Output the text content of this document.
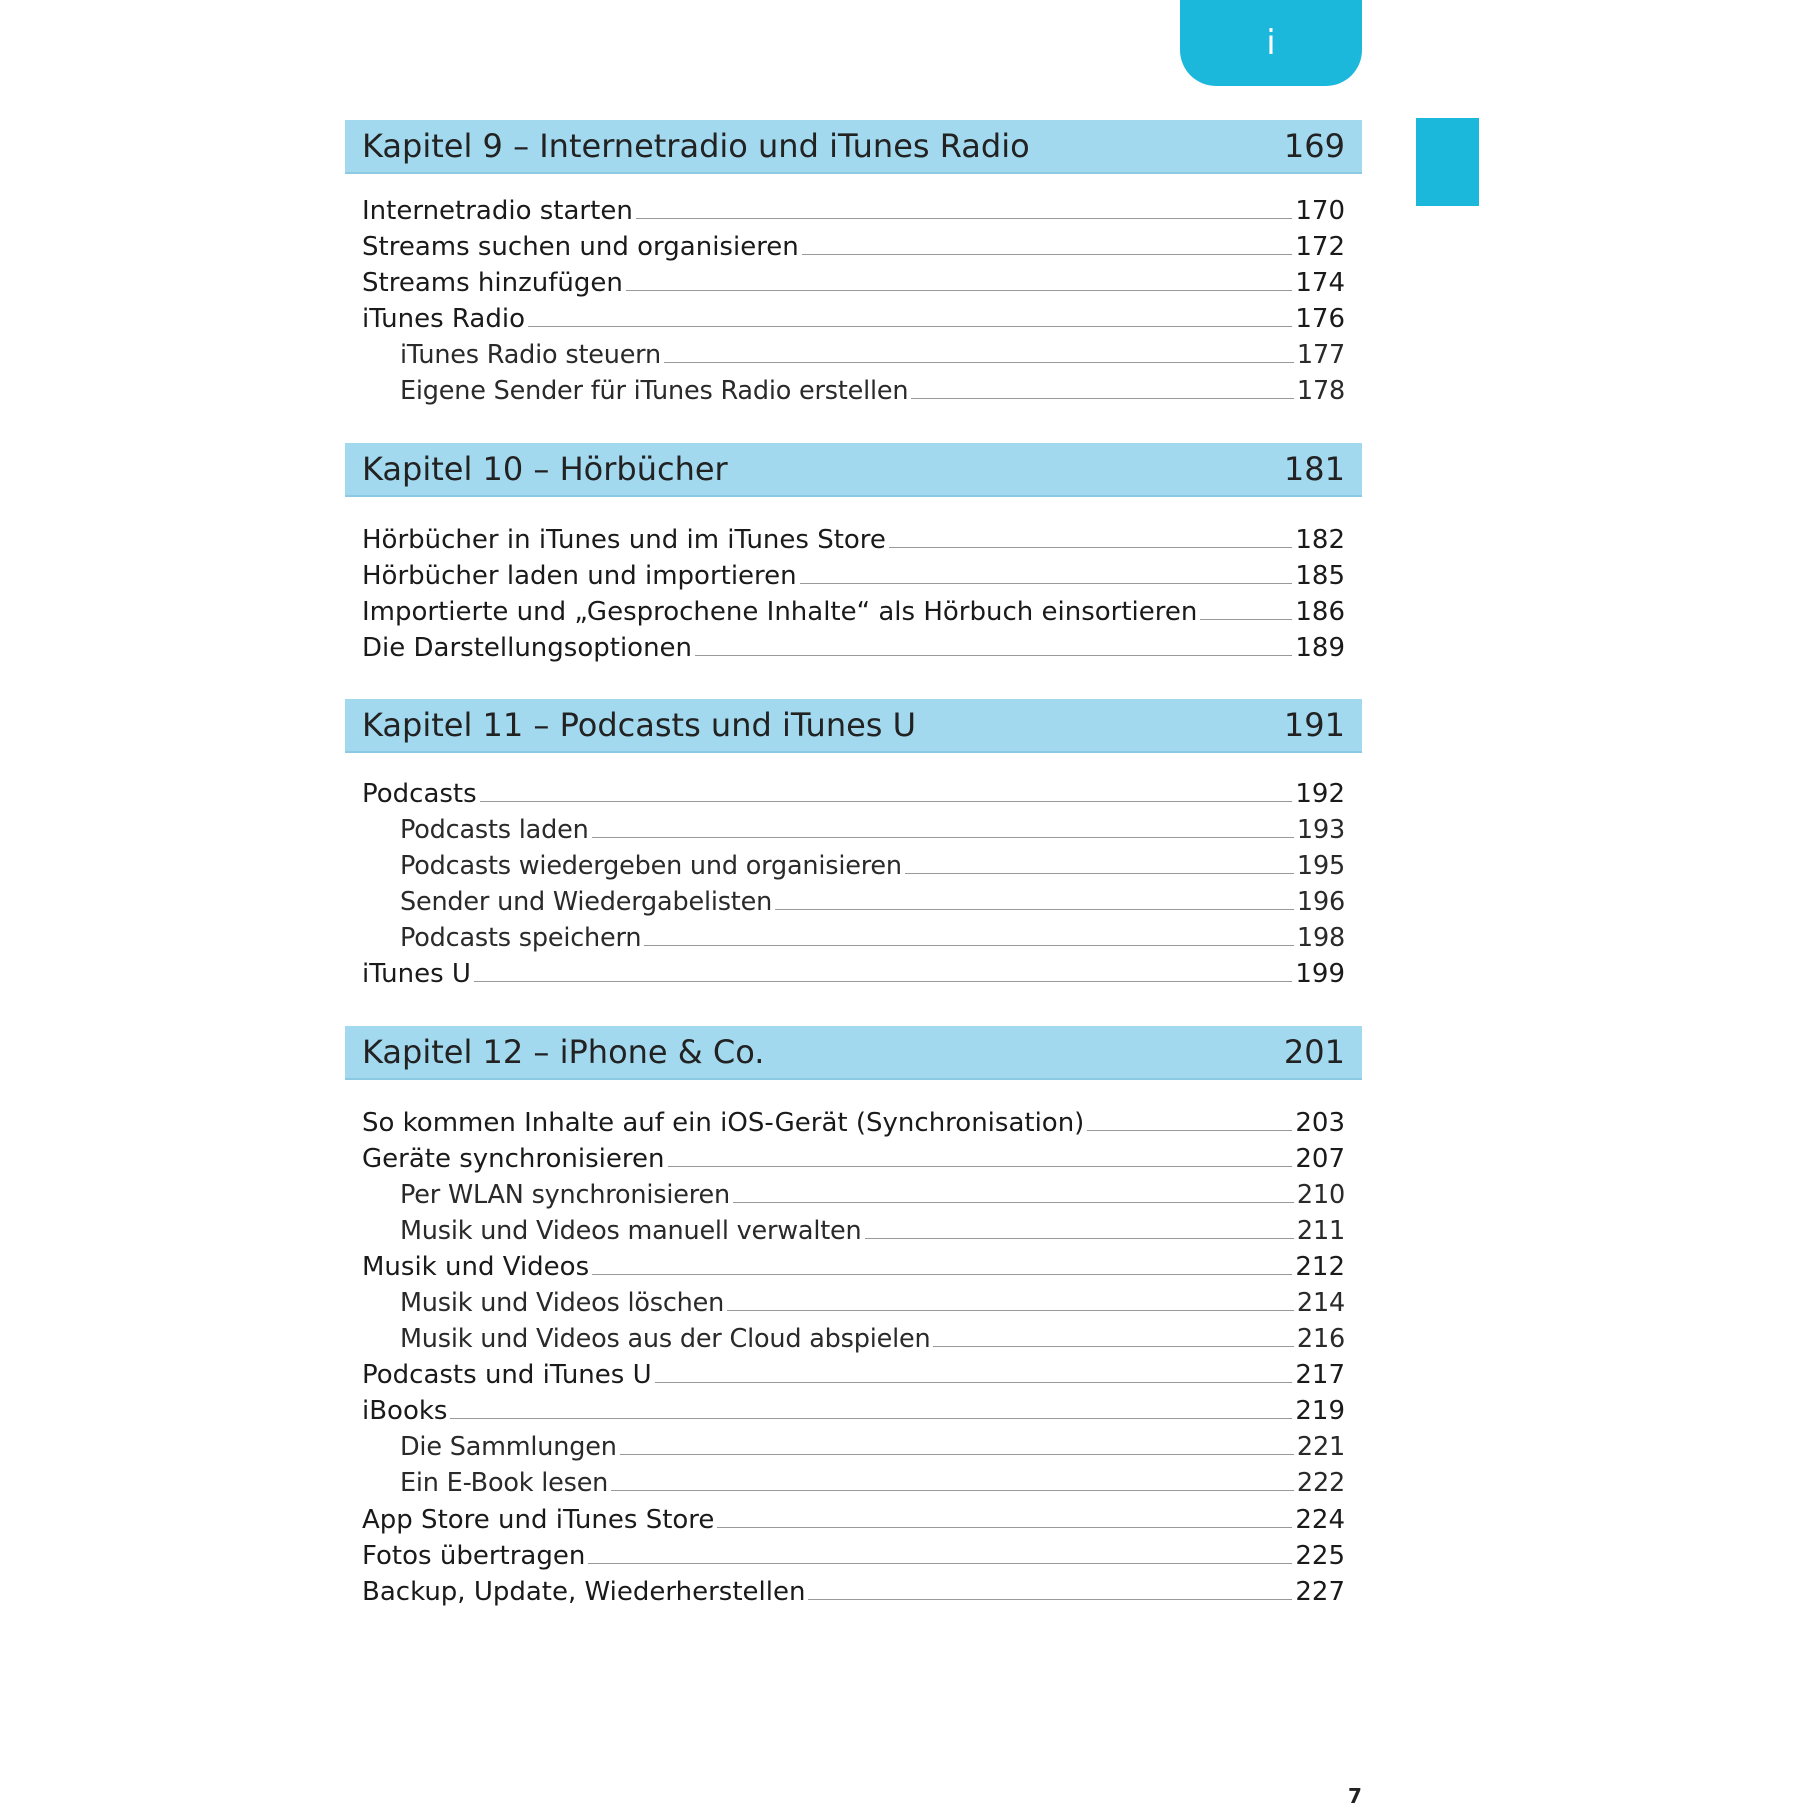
i
Kapitel 9 – Internetradio und iTunes Radio	169
Internetradio starten	170
Streams suchen und organisieren	172
Streams hinzufügen	174
iTunes Radio	176
iTunes Radio steuern	177
Eigene Sender für iTunes Radio erstellen	178
Kapitel 10 – Hörbücher	181
Hörbücher in iTunes und im iTunes Store	182
Hörbücher laden und importieren	185
Importierte und „Gesprochene Inhalte“ als Hörbuch einsortieren	186
Die Darstellungsoptionen	189
Kapitel 11 – Podcasts und iTunes U	191
Podcasts	192
Podcasts laden	193
Podcasts wiedergeben und organisieren	195
Sender und Wiedergabelisten	196
Podcasts speichern	198
iTunes U	199
Kapitel 12 – iPhone & Co.	201
So kommen Inhalte auf ein iOS-Gerät (Synchronisation)	203
Geräte synchronisieren	207
Per WLAN synchronisieren	210
Musik und Videos manuell verwalten	211
Musik und Videos	212
Musik und Videos löschen	214
Musik und Videos aus der Cloud abspielen	216
Podcasts und iTunes U	217
iBooks	219
Die Sammlungen	221
Ein E-Book lesen	222
App Store und iTunes Store	224
Fotos übertragen	225
Backup, Update, Wiederherstellen	227
7
